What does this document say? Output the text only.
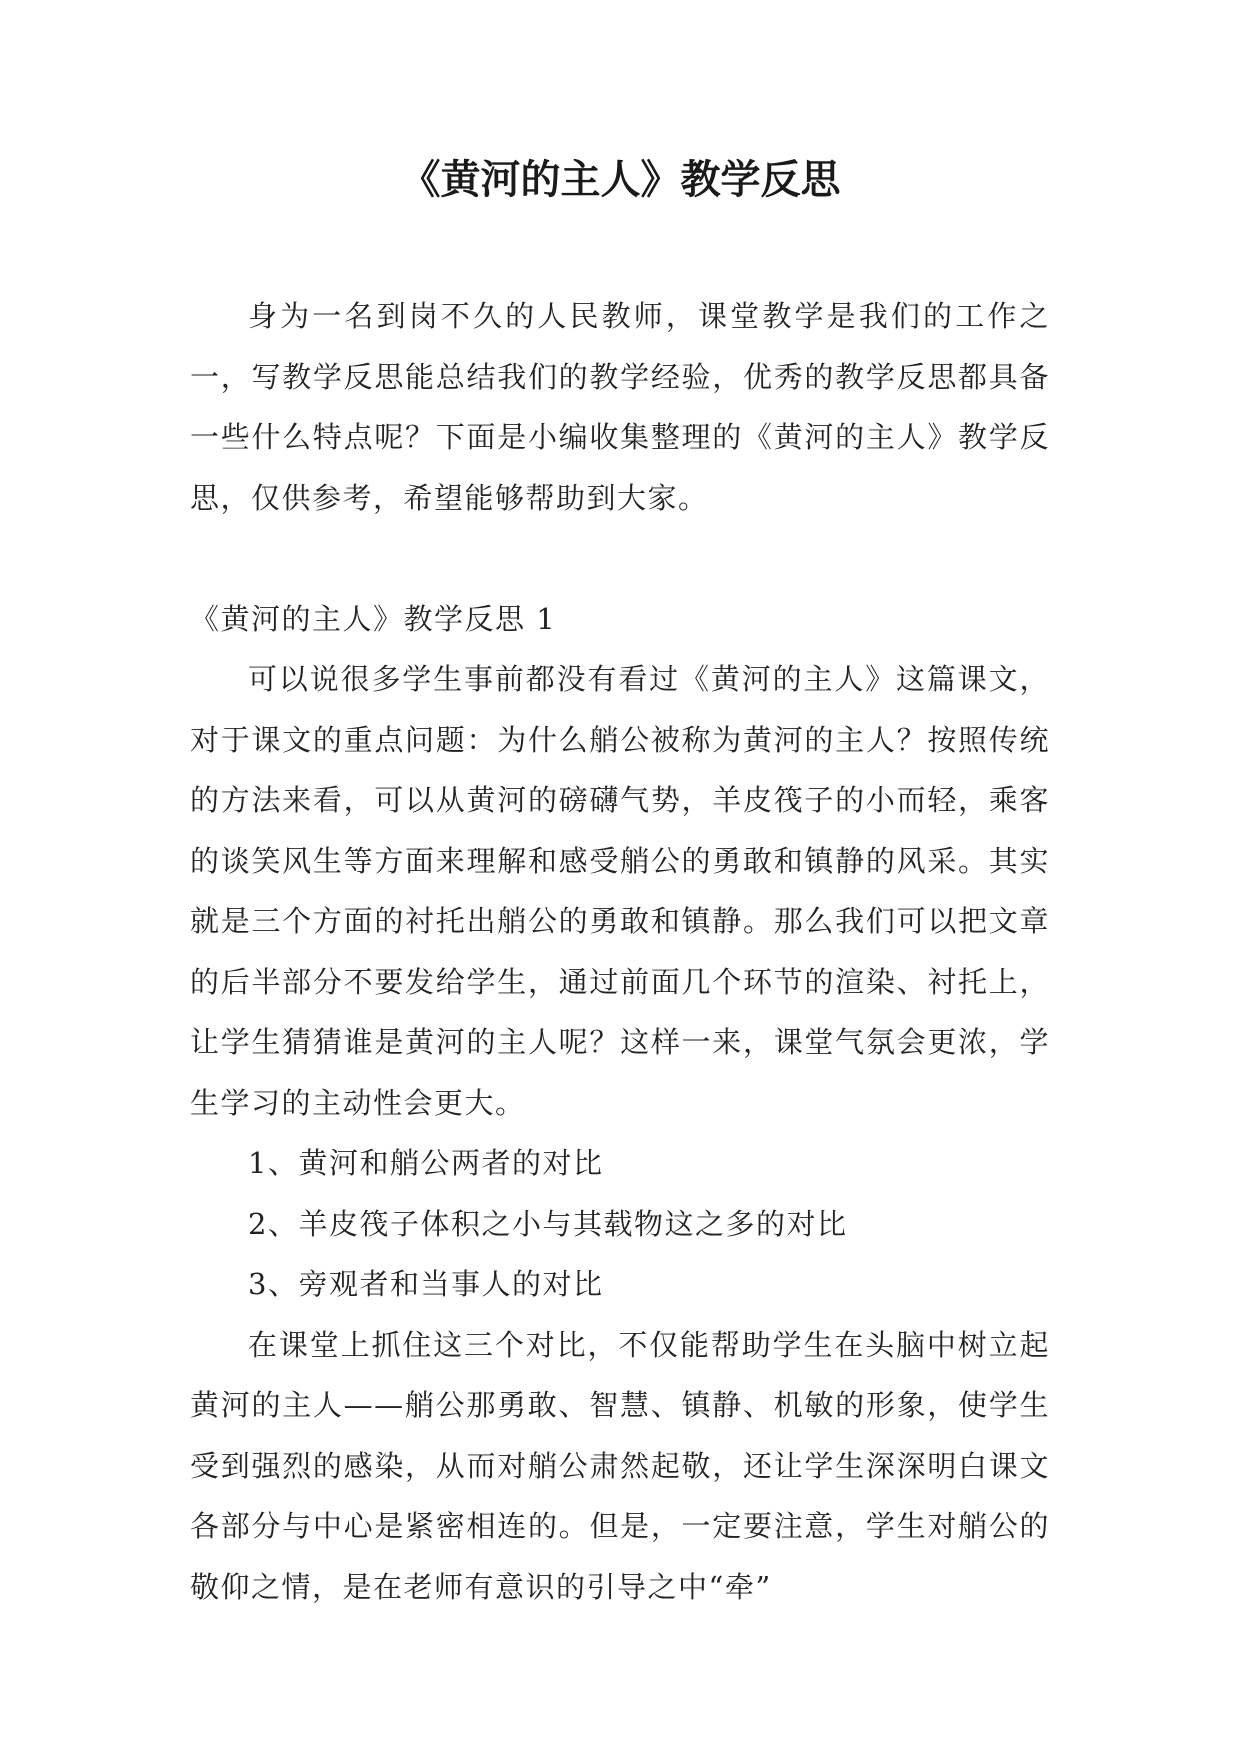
《黄河的主人》教学反思

身为一名到岗不久的人民教师，课堂教学是我们的工作之一，写教学反思能总结我们的教学经验，优秀的教学反思都具备一些什么特点呢？下面是小编收集整理的《黄河的主人》教学反思，仅供参考，希望能够帮助到大家。

《黄河的主人》教学反思 1

可以说很多学生事前都没有看过《黄河的主人》这篇课文，对于课文的重点问题：为什么艄公被称为黄河的主人？按照传统的方法来看，可以从黄河的磅礴气势，羊皮筏子的小而轻，乘客的谈笑风生等方面来理解和感受艄公的勇敢和镇静的风采。其实就是三个方面的衬托出艄公的勇敢和镇静。那么我们可以把文章的后半部分不要发给学生，通过前面几个环节的渲染、衬托上，让学生猜猜谁是黄河的主人呢？这样一来，课堂气氛会更浓，学生学习的主动性会更大。

1、黄河和艄公两者的对比

2、羊皮筏子体积之小与其载物这之多的对比

3、旁观者和当事人的对比

在课堂上抓住这三个对比，不仅能帮助学生在头脑中树立起黄河的主人——艄公那勇敢、智慧、镇静、机敏的形象，使学生受到强烈的感染，从而对艄公肃然起敬，还让学生深深明白课文各部分与中心是紧密相连的。但是，一定要注意，学生对艄公的敬仰之情，是在老师有意识的引导之中“牵”
